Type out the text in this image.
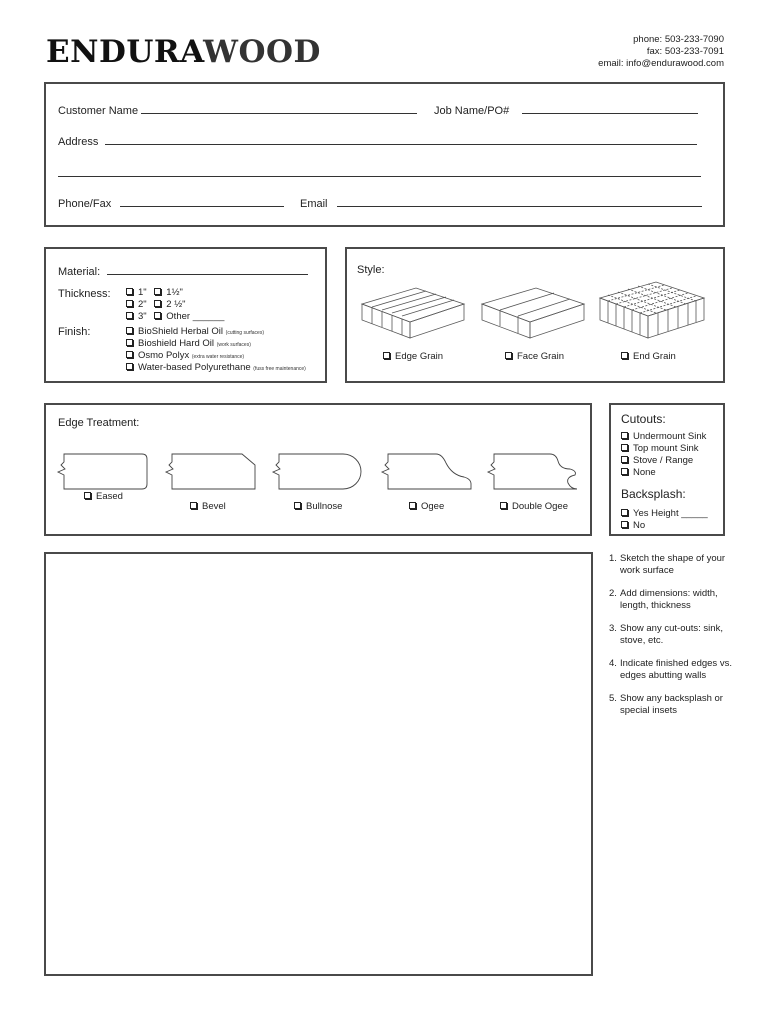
ENDURAWOOD	phone: 503-233-7090
fax: 503-233-7091
email: info@endurawood.com
Customer Name	Job Name/PO#
Address
Phone/Fax	Email
Material:
Thickness:	1" 1½"
2" 2 ½"
3" Other ______
Finish:	BioShield Herbal Oil (cutting surfaces)
Bioshield Hard Oil (work surfaces)
Osmo Polyx (extra water resistance)
Water-based Polyurethane (fuss free maintenance)
Style:
Edge Grain	Face Grain	End Grain
Edge Treatment:
Eased
Bevel	Bullnose	Ogee	Double Ogee
Cutouts:
Undermount Sink
Top mount Sink
Stove / Range
None
Backsplash:
Yes Height _____
No
1. Sketch the shape of your work surface
2. Add dimensions: width, length, thickness
3. Show any cut-outs: sink, stove, etc.
4. Indicate finished edges vs. edges abutting walls
5. Show any backsplash or special insets
